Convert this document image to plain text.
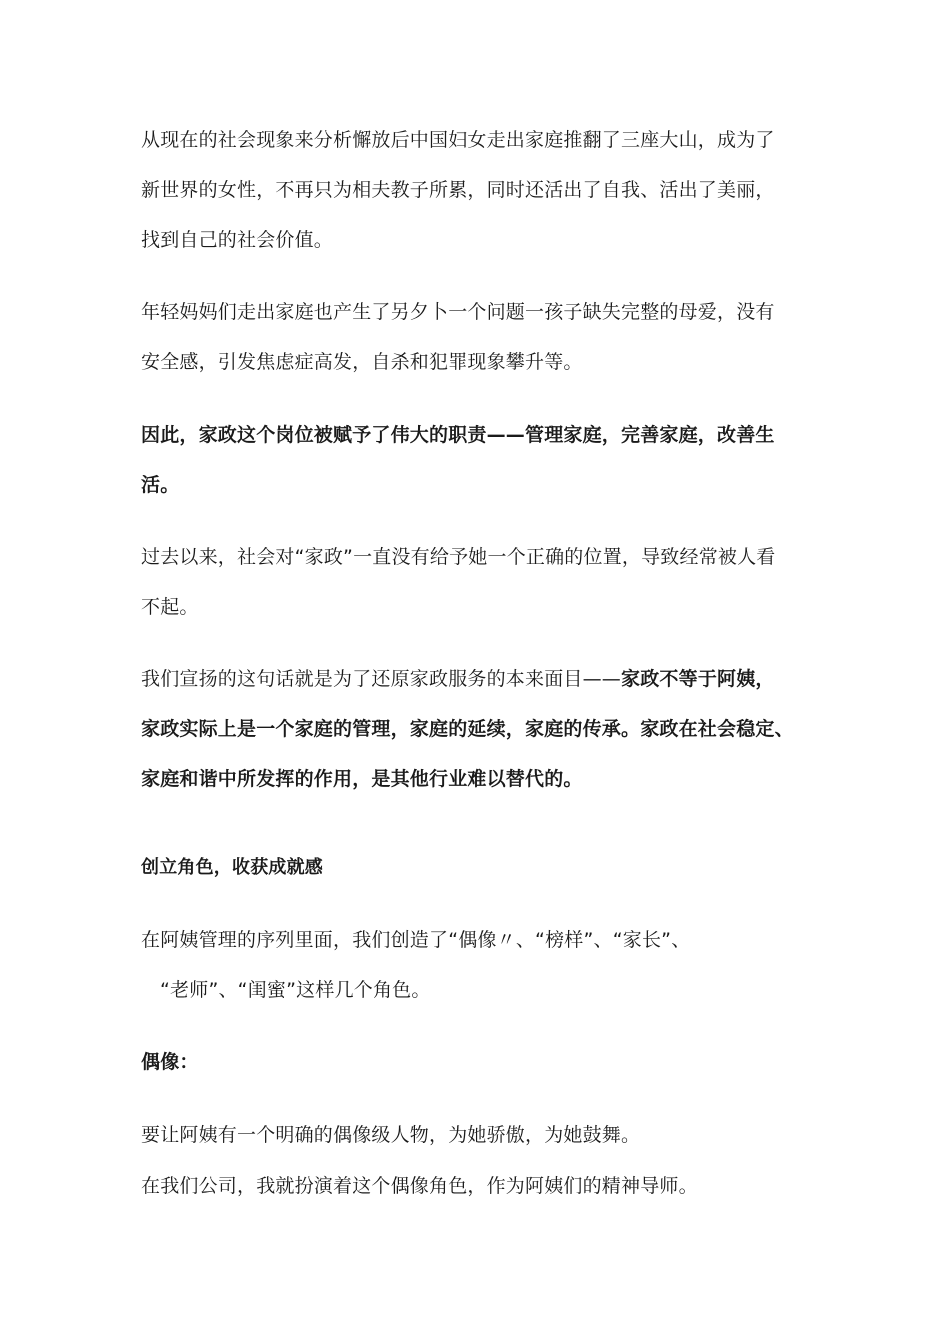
从现在的社会现象来分析懈放后中国妇女走出家庭推翻了三座大山，成为了
新世界的女性，不再只为相夫教子所累，同时还活出了自我、活出了美丽，
找到自己的社会价值。
年轻妈妈们走出家庭也产生了另夕卜一个问题一孩子缺失完整的母爱，没有
安全感，引发焦虑症高发，自杀和犯罪现象攀升等。
因此，家政这个岗位被赋予了伟大的职责——管理家庭，完善家庭，改善生
活。
过去以来，社会对“家政”一直没有给予她一个正确的位置，导致经常被人看
不起。
我们宣扬的这句话就是为了还原家政服务的本来面目——家政不等于阿姨，
家政实际上是一个家庭的管理，家庭的延续，家庭的传承。家政在社会稳定、
家庭和谐中所发挥的作用，是其他行业难以替代的。
创立角色，收获成就感
在阿姨管理的序列里面，我们创造了“偶像〃、“榜样”、“家长”、
“老师”、“闺蜜”这样几个角色。
偶像：
要让阿姨有一个明确的偶像级人物，为她骄傲，为她鼓舞。
在我们公司，我就扮演着这个偶像角色，作为阿姨们的精神导师。
